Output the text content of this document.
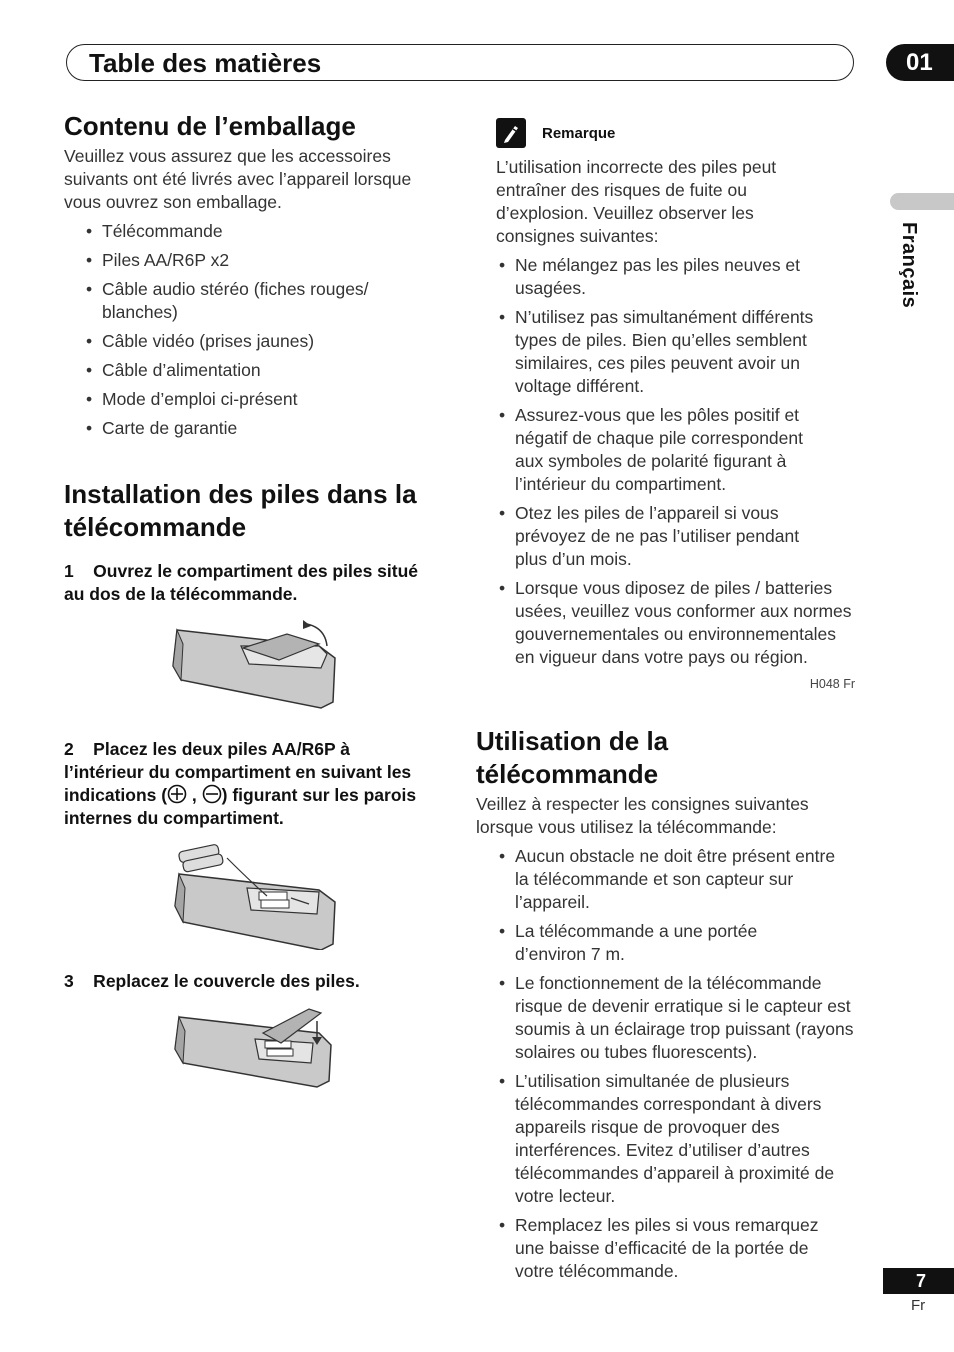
Table des matières	01
Français
Contenu de l’emballage

Veuillez vous assurez que les accessoires suivants ont été livrés avec l’appareil lorsque vous ouvrez son emballage.

• Télécommande
• Piles AA/R6P x2
• Câble audio stéréo (fiches rouges/ blanches)
• Câble vidéo (prises jaunes)
• Câble d’alimentation
• Mode d’emploi ci-présent
• Carte de garantie
Installation des piles dans la télécommande

1    Ouvrez le compartiment des piles situé au dos de la télécommande.

2    Placez les deux piles AA/R6P à l’intérieur du compartiment en suivant les indications ( , ) figurant sur les parois internes du compartiment.

3    Replacez le couvercle des piles.

Remarque

L’utilisation incorrecte des piles peut entraîner des risques de fuite ou d’explosion. Veuillez observer les consignes suivantes:

• Ne mélangez pas les piles neuves et usagées.
• N’utilisez pas simultanément différents types de piles. Bien qu’elles semblent similaires, ces piles peuvent avoir un voltage différent.
• Assurez-vous que les pôles positif et négatif de chaque pile correspondent aux symboles de polarité figurant à l’intérieur du compartiment.
• Otez les piles de l’appareil si vous prévoyez de ne pas l’utiliser pendant plus d’un mois.
• Lorsque vous diposez de piles / batteries usées, veuillez vous conformer aux normes gouvernementales ou environnementales en vigueur dans votre pays ou région.
H048 Fr
Utilisation de la télécommande

Veillez à respecter les consignes suivantes lorsque vous utilisez la télécommande:

• Aucun obstacle ne doit être présent entre la télécommande et son capteur sur l’appareil.
• La télécommande a une portée d’environ 7 m.
• Le fonctionnement de la télécommande risque de devenir erratique si le capteur est soumis à un éclairage trop puissant (rayons solaires ou tubes fluorescents).
• L’utilisation simultanée de plusieurs télécommandes correspondant à divers appareils risque de provoquer des interférences. Evitez d’utiliser d’autres télécommandes d’appareil à proximité de votre lecteur.
• Remplacez les piles si vous remarquez une baisse d’efficacité de la portée de votre télécommande.	7
Fr
